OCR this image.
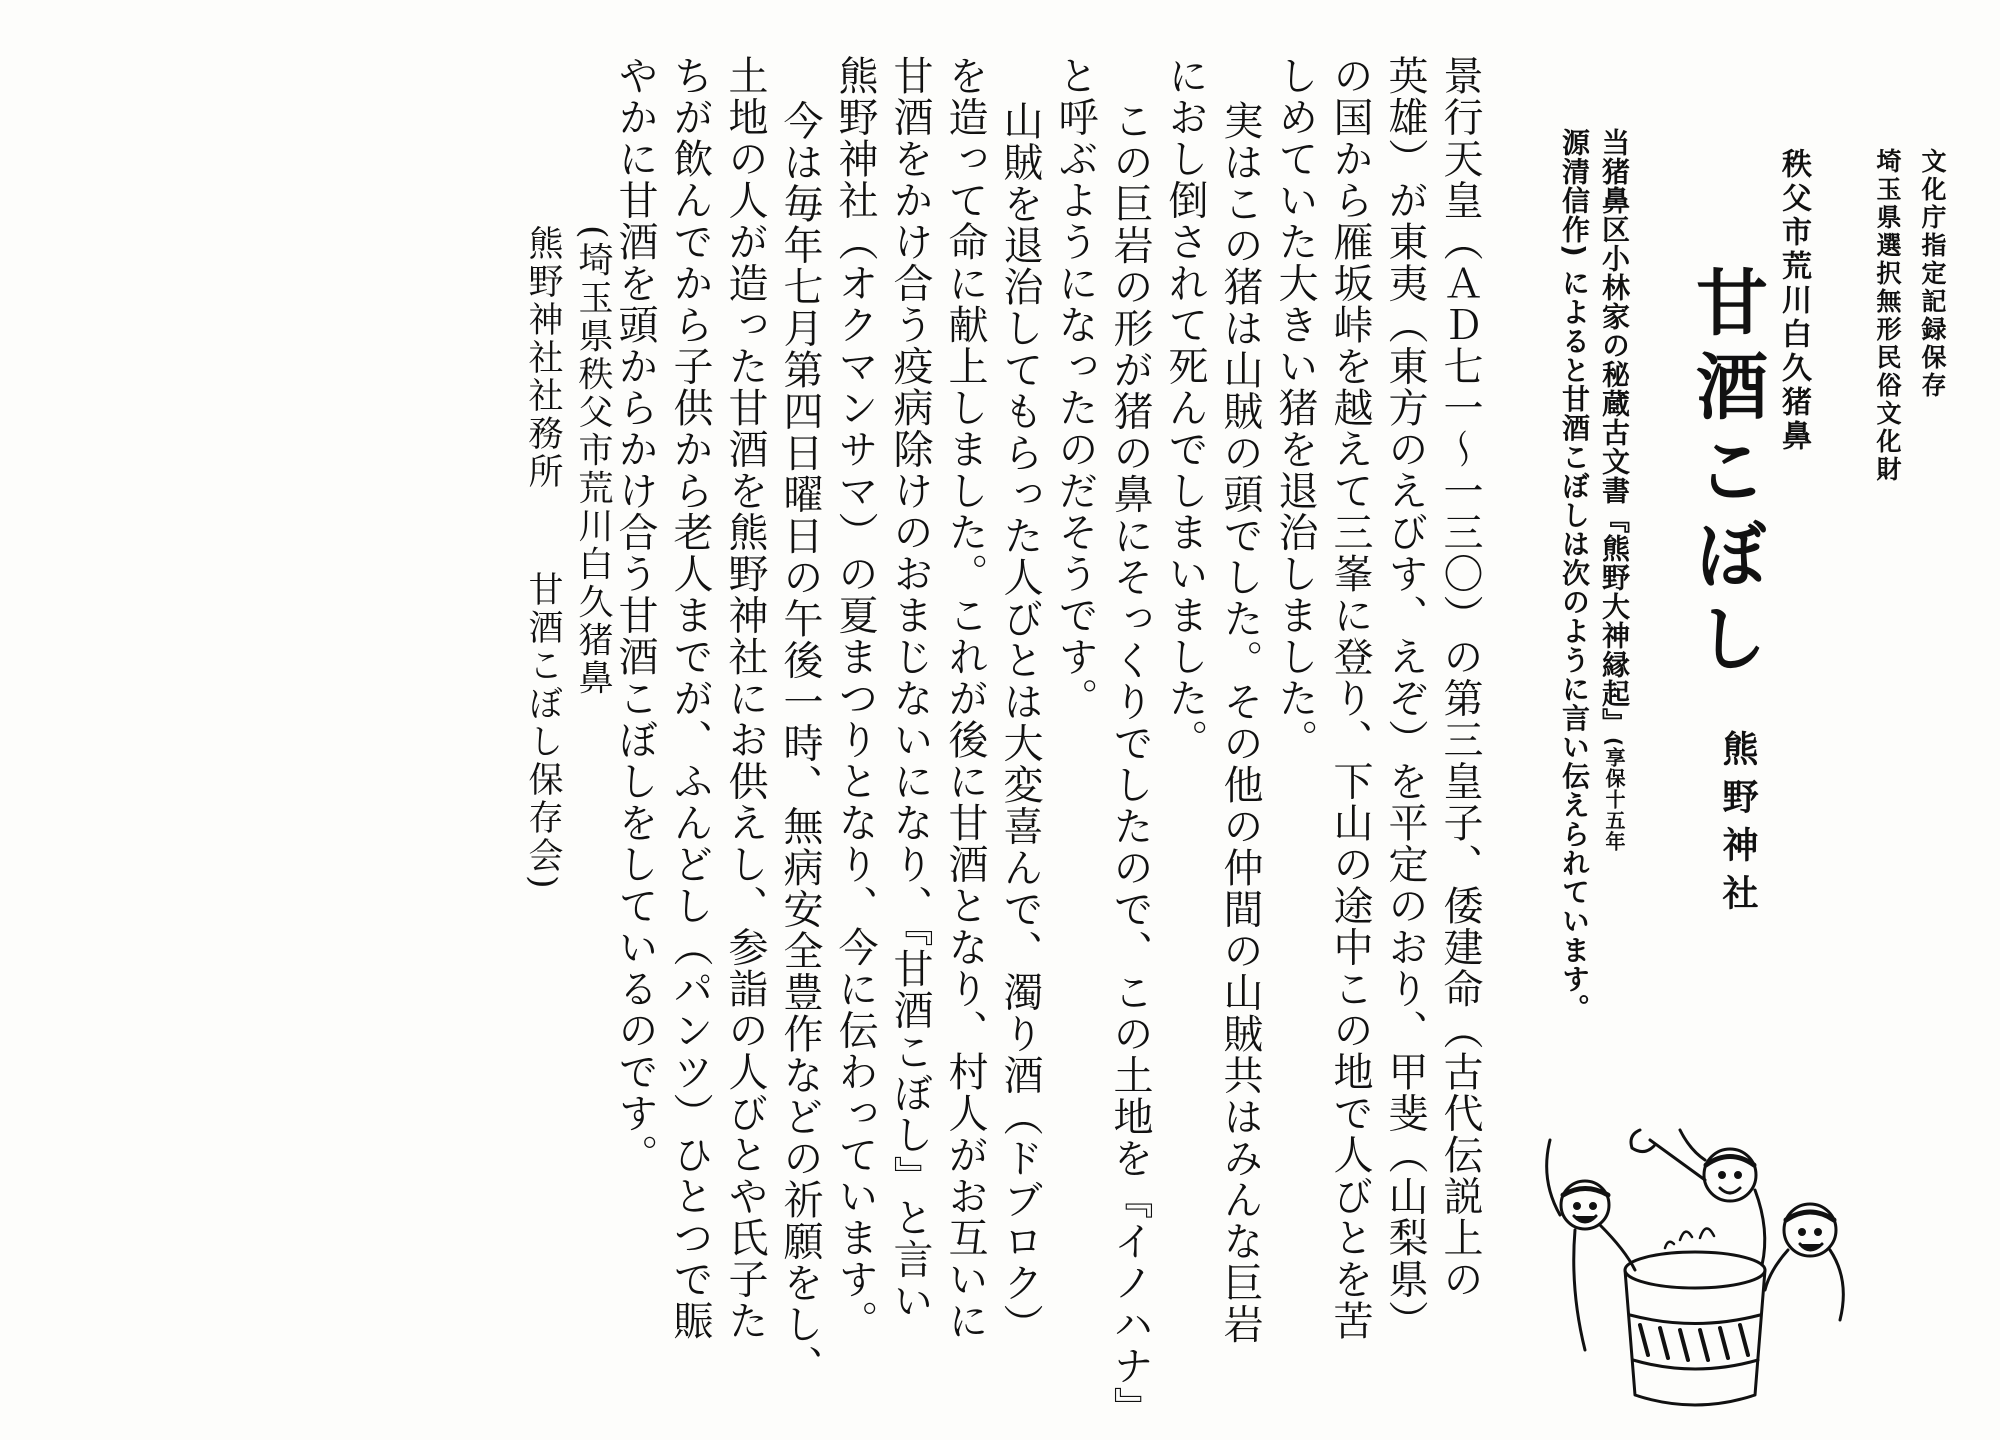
文化庁指定記録保存
埼玉県選択無形民俗文化財
秩父市荒川白久猪鼻
甘酒こぼし
熊野神社
当猪鼻区小林家の秘蔵古文書『熊野大神縁起』(享保十五年
源清信作) によると甘酒こぼしは次のように言い伝えられています。
景行天皇（ＡＤ七一〜一三〇）の第三皇子、倭建命（古代伝説上の
英雄）が東夷（東方のえびす、えぞ）を平定のおり、甲斐（山梨県）
の国から雁坂峠を越えて三峯に登り、下山の途中この地で人びとを苦
しめていた大きい猪を退治しました。
実はこの猪は山賊の頭でした。その他の仲間の山賊共はみんな巨岩
におし倒されて死んでしまいました。
この巨岩の形が猪の鼻にそっくりでしたので、この土地を『イノハナ』
と呼ぶようになったのだそうです。
山賊を退治してもらった人びとは大変喜んで、濁り酒（ドブロク）
を造って命に献上しました。これが後に甘酒となり、村人がお互いに
甘酒をかけ合う疫病除けのおまじないになり、『甘酒こぼし』と言い
熊野神社（オクマンサマ）の夏まつりとなり、今に伝わっています。
今は毎年七月第四日曜日の午後一時、無病安全豊作などの祈願をし、
土地の人が造った甘酒を熊野神社にお供えし、参詣の人びとや氏子た
ちが飲んでから子供から老人までが、ふんどし（パンツ）ひとつで賑
やかに甘酒を頭からかけ合う甘酒こぼしをしているのです。
(埼玉県秩父市荒川白久猪鼻
熊野神社社務所甘酒こぼし保存会)
